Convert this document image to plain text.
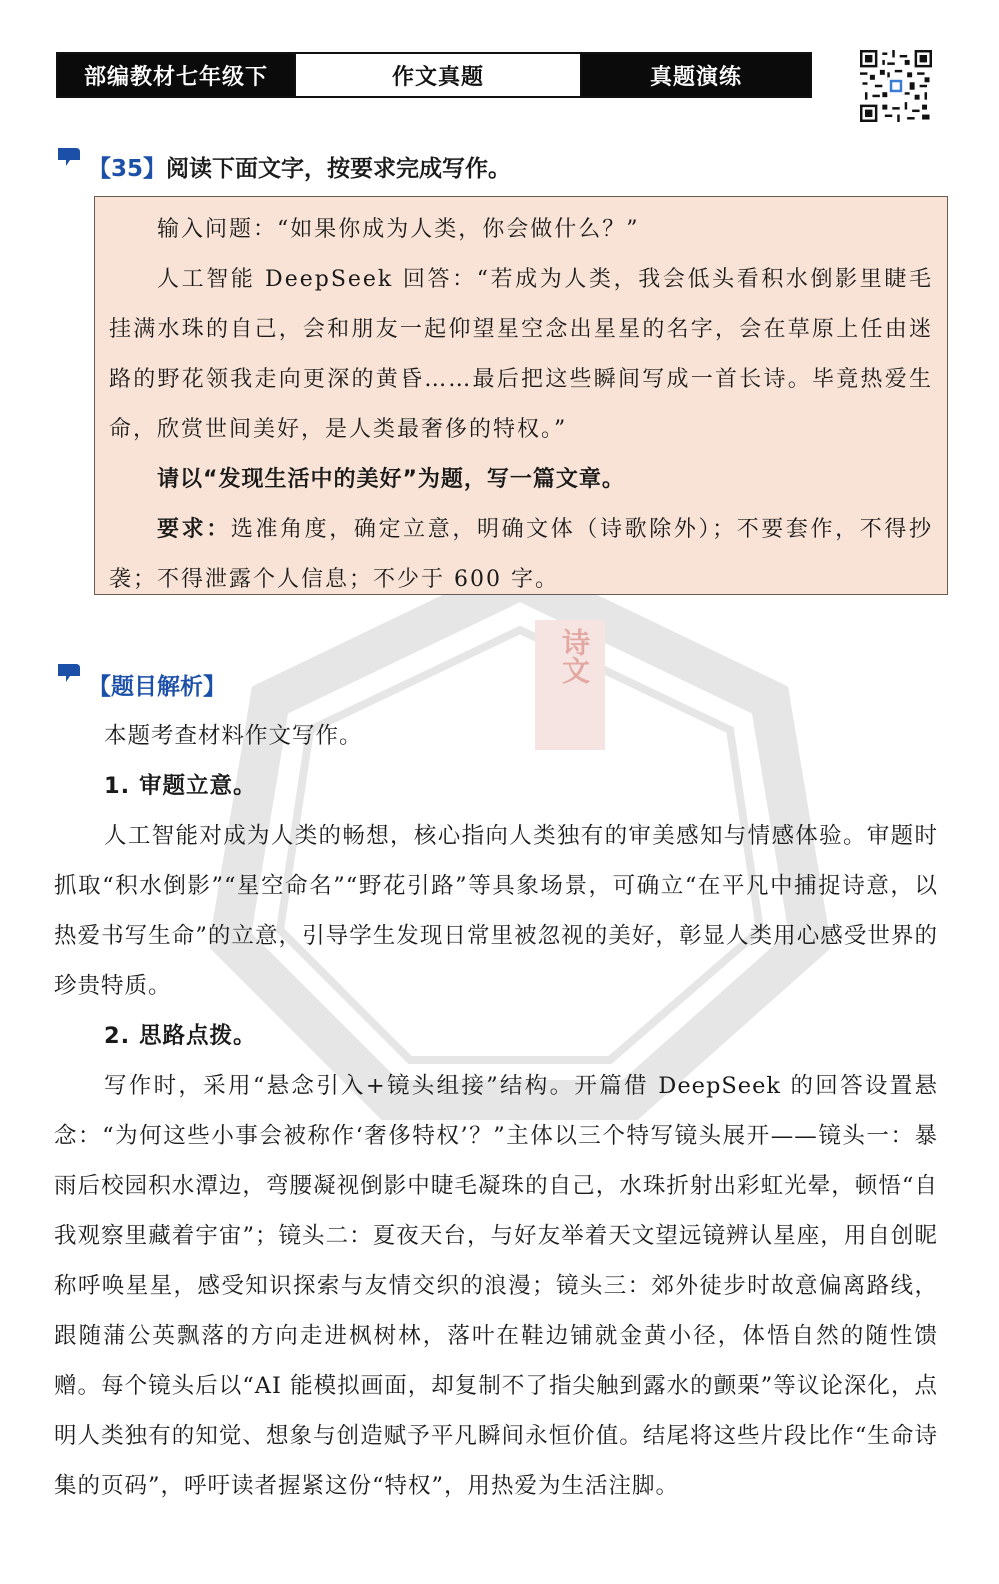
部编教材七年级下	作文真题	真题演练
诗文
【35】阅读下面文字，按要求完成写作。

输入问题：“如果你成为人类，你会做什么？”

人工智能 DeepSeek 回答：“若成为人类，我会低头看积水倒影里睫毛挂满水珠的自己，会和朋友一起仰望星空念出星星的名字，会在草原上任由迷路的野花领我走向更深的黄昏……最后把这些瞬间写成一首长诗。毕竟热爱生命，欣赏世间美好，是人类最奢侈的特权。”

请以“发现生活中的美好”为题，写一篇文章。

要求：选准角度，确定立意，明确文体（诗歌除外）；不要套作，不得抄袭；不得泄露个人信息；不少于 600 字。

【题目解析】

本题考查材料作文写作。

1. 审题立意。

人工智能对成为人类的畅想，核心指向人类独有的审美感知与情感体验。审题时抓取“积水倒影”“星空命名”“野花引路”等具象场景，可确立“在平凡中捕捉诗意，以热爱书写生命”的立意，引导学生发现日常里被忽视的美好，彰显人类用心感受世界的珍贵特质。

2. 思路点拨。

写作时，采用“悬念引入+镜头组接”结构。开篇借 DeepSeek 的回答设置悬念：“为何这些小事会被称作‘奢侈特权’？”主体以三个特写镜头展开——镜头一：暴雨后校园积水潭边，弯腰凝视倒影中睫毛凝珠的自己，水珠折射出彩虹光晕，顿悟“自我观察里藏着宇宙”；镜头二：夏夜天台，与好友举着天文望远镜辨认星座，用自创昵称呼唤星星，感受知识探索与友情交织的浪漫；镜头三：郊外徒步时故意偏离路线，跟随蒲公英飘落的方向走进枫树林，落叶在鞋边铺就金黄小径，体悟自然的随性馈赠。每个镜头后以“AI 能模拟画面，却复制不了指尖触到露水的颤栗”等议论深化，点明人类独有的知觉、想象与创造赋予平凡瞬间永恒价值。结尾将这些片段比作“生命诗集的页码”，呼吁读者握紧这份“特权”，用热爱为生活注脚。
